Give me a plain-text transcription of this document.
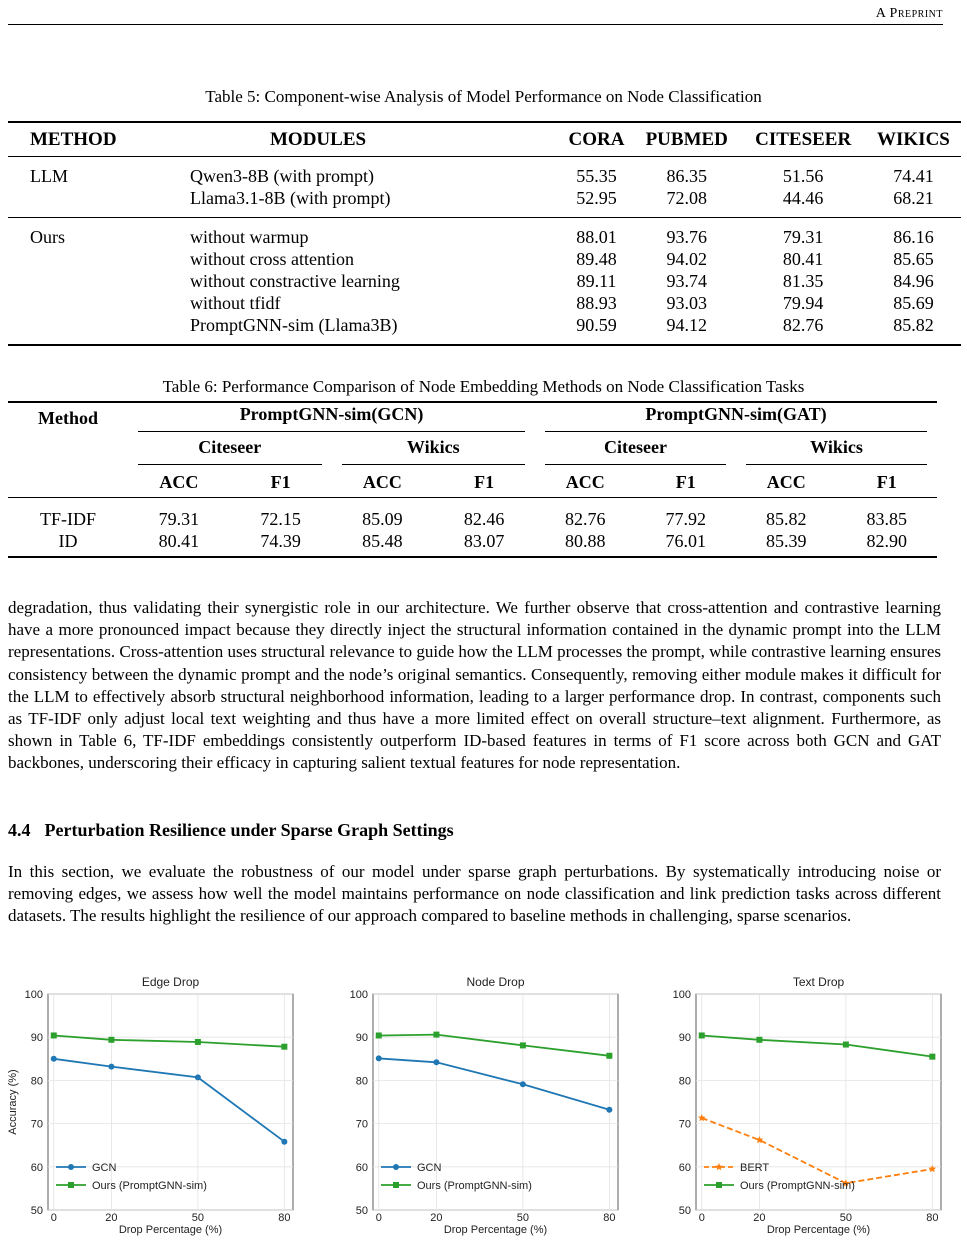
A Preprint
Table 5: Component-wise Analysis of Model Performance on Node Classification
METHOD	MODULES	CORA	PUBMED	CITESEER	WIKICS
LLM	Qwen3-8B (with prompt)	55.35	86.35	51.56	74.41
	Llama3.1-8B (with prompt)	52.95	72.08	44.46	68.21
Ours	without warmup	88.01	93.76	79.31	86.16
	without cross attention	89.48	94.02	80.41	85.65
	without constractive learning	89.11	93.74	81.35	84.96
	without tfidf	88.93	93.03	79.94	85.69
	PromptGNN-sim (Llama3B)	90.59	94.12	82.76	85.82
Table 6: Performance Comparison of Node Embedding Methods on Node Classification Tasks
Method	PromptGNN-sim(GCN)				PromptGNN-sim(GAT)			
	Citeseer		Wikics		Citeseer		Wikics	
	ACC	F1	ACC	F1	ACC	F1	ACC	F1
TF-IDF	79.31	72.15	85.09	82.46	82.76	77.92	85.82	83.85
ID	80.41	74.39	85.48	83.07	80.88	76.01	85.39	82.90

degradation, thus validating their synergistic role in our architecture. We further observe that cross-attention and contrastive learning have a more pronounced impact because they directly inject the structural information contained in the dynamic prompt into the LLM representations. Cross-attention uses structural relevance to guide how the LLM processes the prompt, while contrastive learning ensures consistency between the dynamic prompt and the node’s original semantics. Consequently, removing either module makes it difficult for the LLM to effectively absorb structural neighborhood information, leading to a larger performance drop. In contrast, components such as TF-IDF only adjust local text weighting and thus have a more limited effect on overall structure–text alignment. Furthermore, as shown in Table 6, TF-IDF embeddings consistently outperform ID-based features in terms of F1 score across both GCN and GAT backbones, underscoring their efficacy in capturing salient textual features for node representation.

4.4 Perturbation Resilience under Sparse Graph Settings

In this section, we evaluate the robustness of our model under sparse graph perturbations. By systematically introducing noise or removing edges, we assess how well the model maintains performance on node classification and link prediction tasks across different datasets. The results highlight the resilience of our approach compared to baseline methods in challenging, sparse scenarios.

50
60
70
80
90
100
0	20	50	80
Edge Drop
Drop Percentage (%)
Accuracy (%)
GCN
Ours (PromptGNN-sim)
50
60
70
80
90
100
0	20	50	80
Node Drop
Drop Percentage (%)
GCN
Ours (PromptGNN-sim)
50
60
70
80
90
100
0	20	50	80
Text Drop
Drop Percentage (%)
BERT
Ours (PromptGNN-sim)
